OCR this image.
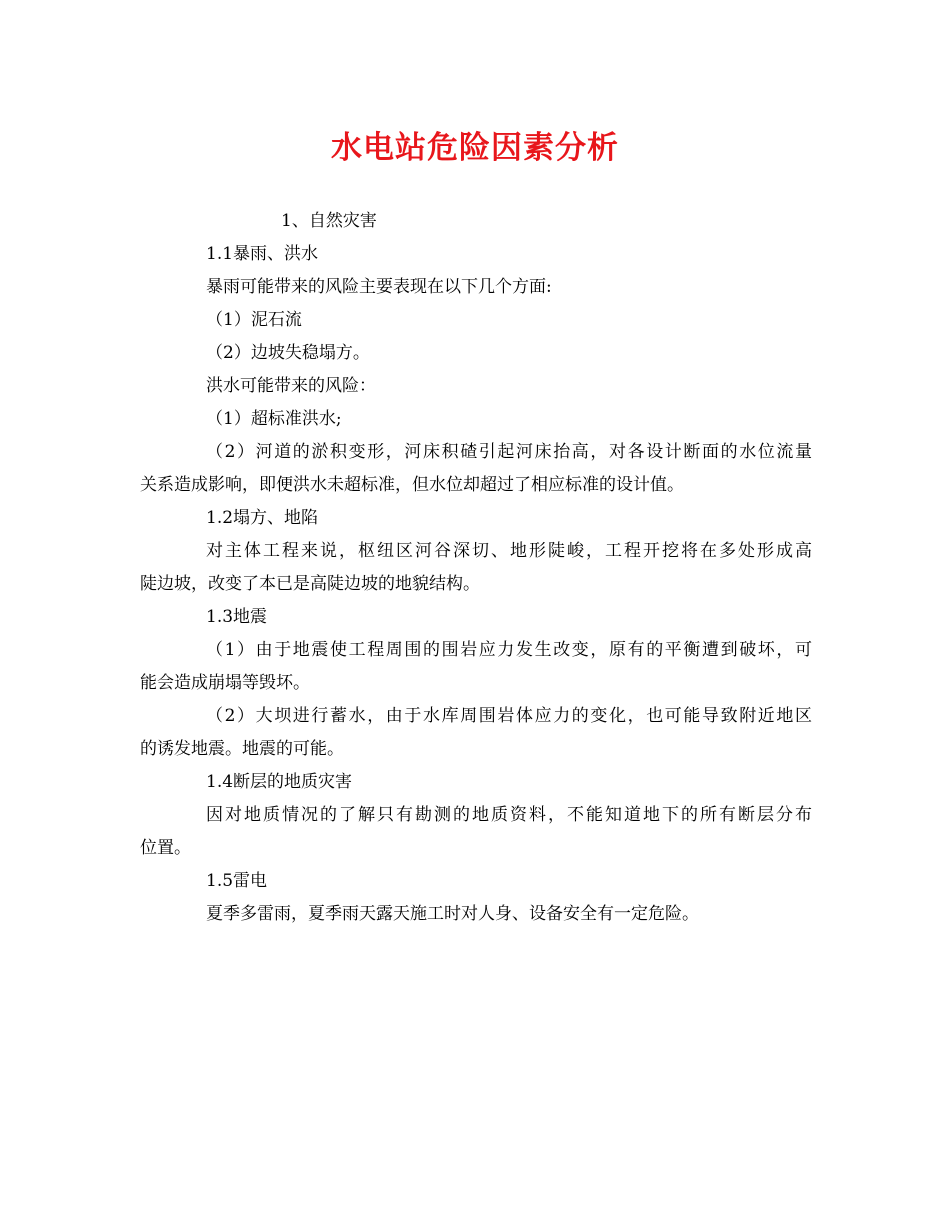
水电站危险因素分析

1、自然灾害

1.1暴雨、洪水

暴雨可能带来的风险主要表现在以下几个方面:

（1）泥石流

（2）边坡失稳塌方。

洪水可能带来的风险：

（1）超标准洪水;

（2）河道的淤积变形，河床积碴引起河床抬高，对各设计断面的水位流量

关系造成影响，即便洪水未超标准，但水位却超过了相应标准的设计值。

1.2塌方、地陷

对主体工程来说，枢纽区河谷深切、地形陡峻，工程开挖将在多处形成高

陡边坡，改变了本已是高陡边坡的地貌结构。

1.3地震

（1）由于地震使工程周围的围岩应力发生改变，原有的平衡遭到破坏，可

能会造成崩塌等毁坏。

（2）大坝进行蓄水，由于水库周围岩体应力的变化，也可能导致附近地区

的诱发地震。地震的可能。

1.4断层的地质灾害

因对地质情况的了解只有勘测的地质资料，不能知道地下的所有断层分布

位置。

1.5雷电

夏季多雷雨，夏季雨天露天施工时对人身、设备安全有一定危险。
